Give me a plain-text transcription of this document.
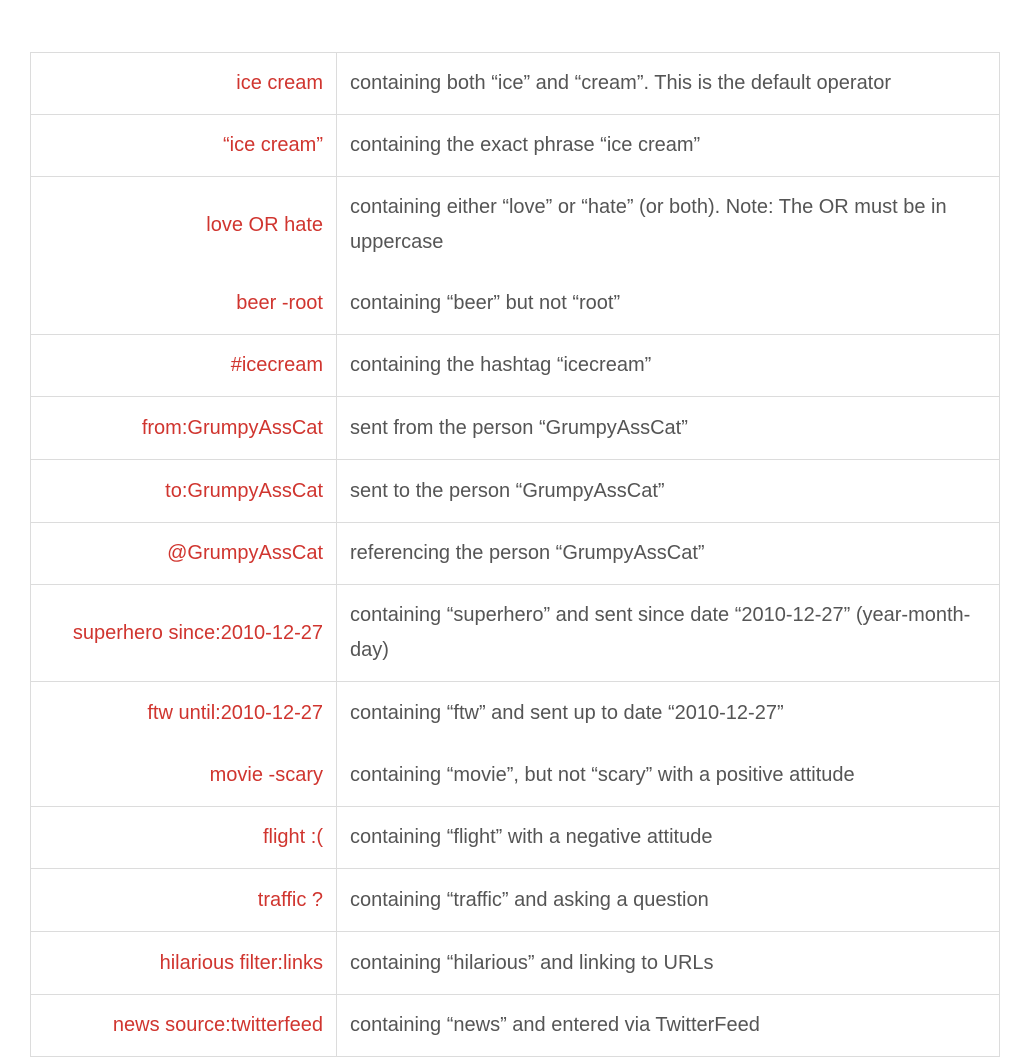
ice cream	containing both “ice” and “cream”. This is the default operator
“ice cream”	containing the exact phrase “ice cream”
love OR hate	containing either “love” or “hate” (or both). Note: The OR must be in uppercase
beer -root	containing “beer” but not “root”
#icecream	containing the hashtag “icecream”
from:GrumpyAssCat	sent from the person “GrumpyAssCat”
to:GrumpyAssCat	sent to the person “GrumpyAssCat”
@GrumpyAssCat	referencing the person “GrumpyAssCat”
superhero since:2010-12-27	containing “superhero” and sent since date “2010-12-27” (year-month-day)
ftw until:2010-12-27	containing “ftw” and sent up to date “2010-12-27”
movie -scary	containing “movie”, but not “scary” with a positive attitude
flight :(	containing “flight” with a negative attitude
traffic ?	containing “traffic” and asking a question
hilarious filter:links	containing “hilarious” and linking to URLs
news source:twitterfeed	containing “news” and entered via TwitterFeed
